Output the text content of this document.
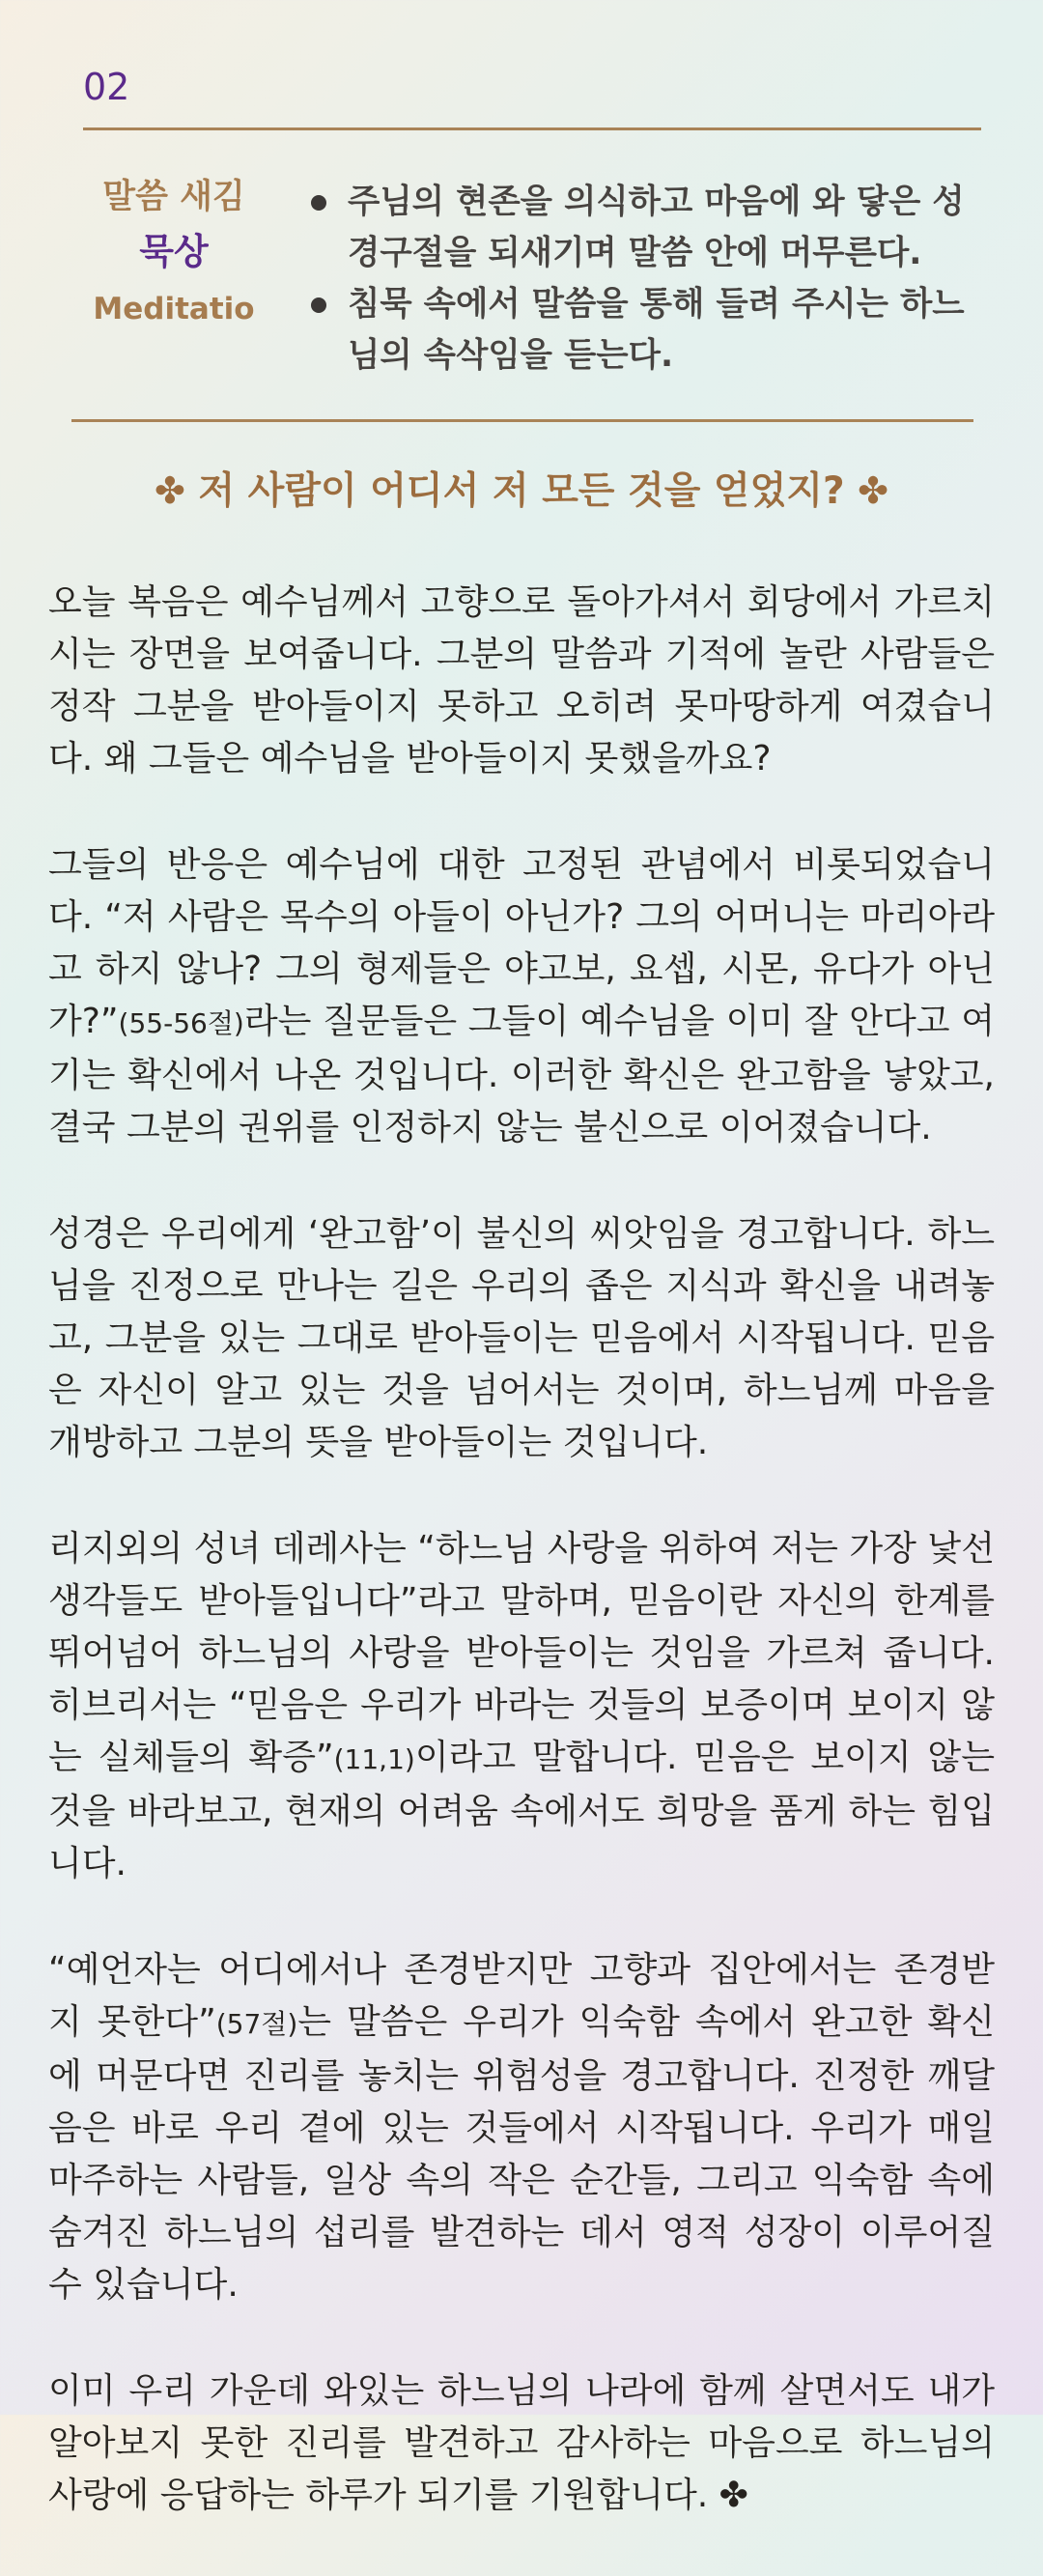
02
말씀 새김
묵상
Meditatio
주님의 현존을 의식하고 마음에 와 닿은 성경구절을 되새기며 말씀 안에 머무른다.
침묵 속에서 말씀을 통해 들려 주시는 하느님의 속삭임을 듣는다.
✤ 저 사람이 어디서 저 모든 것을 얻었지? ✤

오늘 복음은 예수님께서 고향으로 돌아가셔서 회당에서 가르치시는 장면을 보여줍니다. 그분의 말씀과 기적에 놀란 사람들은 정작 그분을 받아들이지 못하고 오히려 못마땅하게 여겼습니다. 왜 그들은 예수님을 받아들이지 못했을까요?

그들의 반응은 예수님에 대한 고정된 관념에서 비롯되었습니다. “저 사람은 목수의 아들이 아닌가? 그의 어머니는 마리아라고 하지 않나? 그의 형제들은 야고보, 요셉, 시몬, 유다가 아닌가?”(55-56절)라는 질문들은 그들이 예수님을 이미 잘 안다고 여기는 확신에서 나온 것입니다. 이러한 확신은 완고함을 낳았고, 결국 그분의 권위를 인정하지 않는 불신으로 이어졌습니다.

성경은 우리에게 ‘완고함’이 불신의 씨앗임을 경고합니다. 하느님을 진정으로 만나는 길은 우리의 좁은 지식과 확신을 내려놓고, 그분을 있는 그대로 받아들이는 믿음에서 시작됩니다. 믿음은 자신이 알고 있는 것을 넘어서는 것이며, 하느님께 마음을 개방하고 그분의 뜻을 받아들이는 것입니다.

리지외의 성녀 데레사는 “하느님 사랑을 위하여 저는 가장 낯선 생각들도 받아들입니다”라고 말하며, 믿음이란 자신의 한계를 뛰어넘어 하느님의 사랑을 받아들이는 것임을 가르쳐 줍니다. 히브리서는 “믿음은 우리가 바라는 것들의 보증이며 보이지 않는 실체들의 확증”(11,1)이라고 말합니다. 믿음은 보이지 않는 것을 바라보고, 현재의 어려움 속에서도 희망을 품게 하는 힘입니다.

“예언자는 어디에서나 존경받지만 고향과 집안에서는 존경받지 못한다”(57절)는 말씀은 우리가 익숙함 속에서 완고한 확신에 머문다면 진리를 놓치는 위험성을 경고합니다. 진정한 깨달음은 바로 우리 곁에 있는 것들에서 시작됩니다. 우리가 매일 마주하는 사람들, 일상 속의 작은 순간들, 그리고 익숙함 속에 숨겨진 하느님의 섭리를 발견하는 데서 영적 성장이 이루어질 수 있습니다.

이미 우리 가운데 와있는 하느님의 나라에 함께 살면서도 내가 알아보지 못한 진리를 발견하고 감사하는 마음으로 하느님의 사랑에 응답하는 하루가 되기를 기원합니다. ✤
